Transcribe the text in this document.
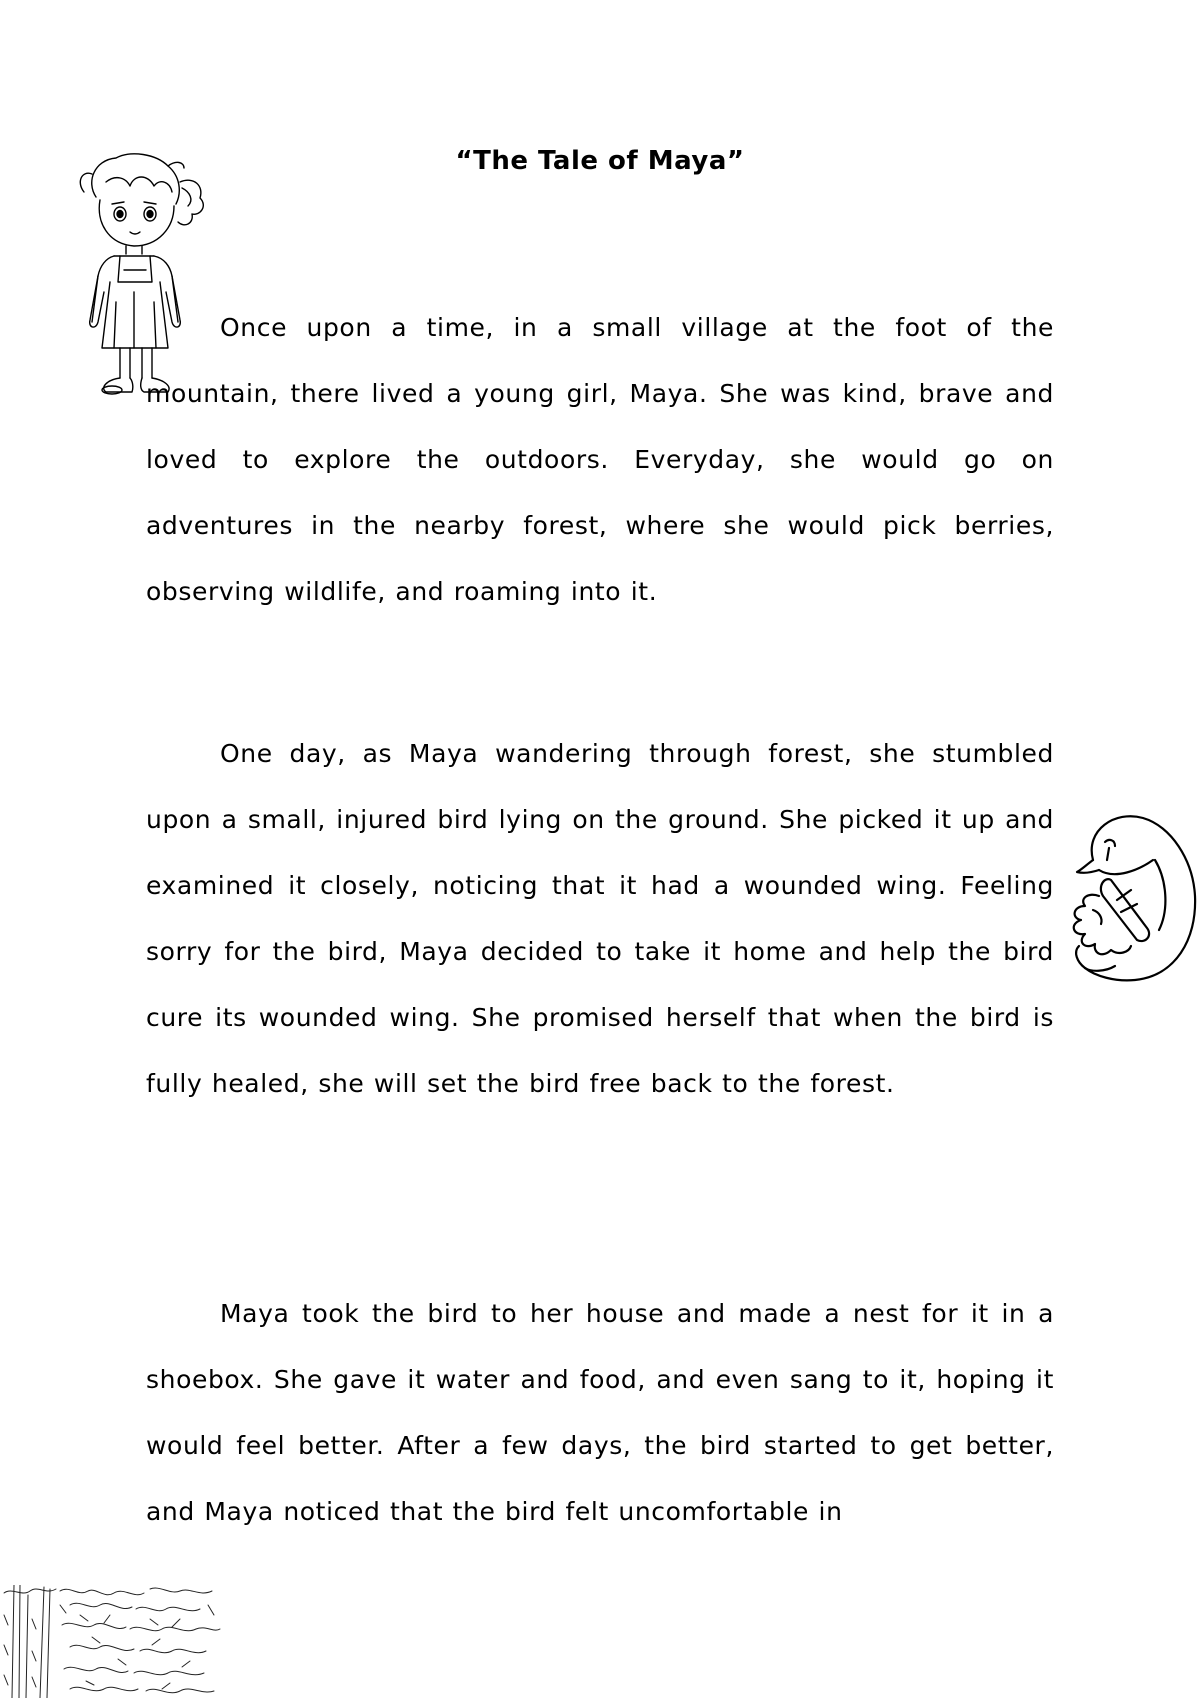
“The Tale of Maya”

Once upon a time, in a small village at the foot of the mountain, there lived a young girl, Maya. She was kind, brave and loved to explore the outdoors. Everyday, she would go on adventures in the nearby forest, where she would pick berries, observing wildlife, and roaming into it.

One day, as Maya wandering through forest, she stumbled upon a small, injured bird lying on the ground. She picked it up and examined it closely, noticing that it had a wounded wing. Feeling sorry for the bird, Maya decided to take it home and help the bird cure its wounded wing. She promised herself that when the bird is fully healed, she will set the bird free back to the forest.

Maya took the bird to her house and made a nest for it in a shoebox. She gave it water and food, and even sang to it, hoping it would feel better. After a few days, the bird started to get better, and Maya noticed that the bird felt uncomfortable in
